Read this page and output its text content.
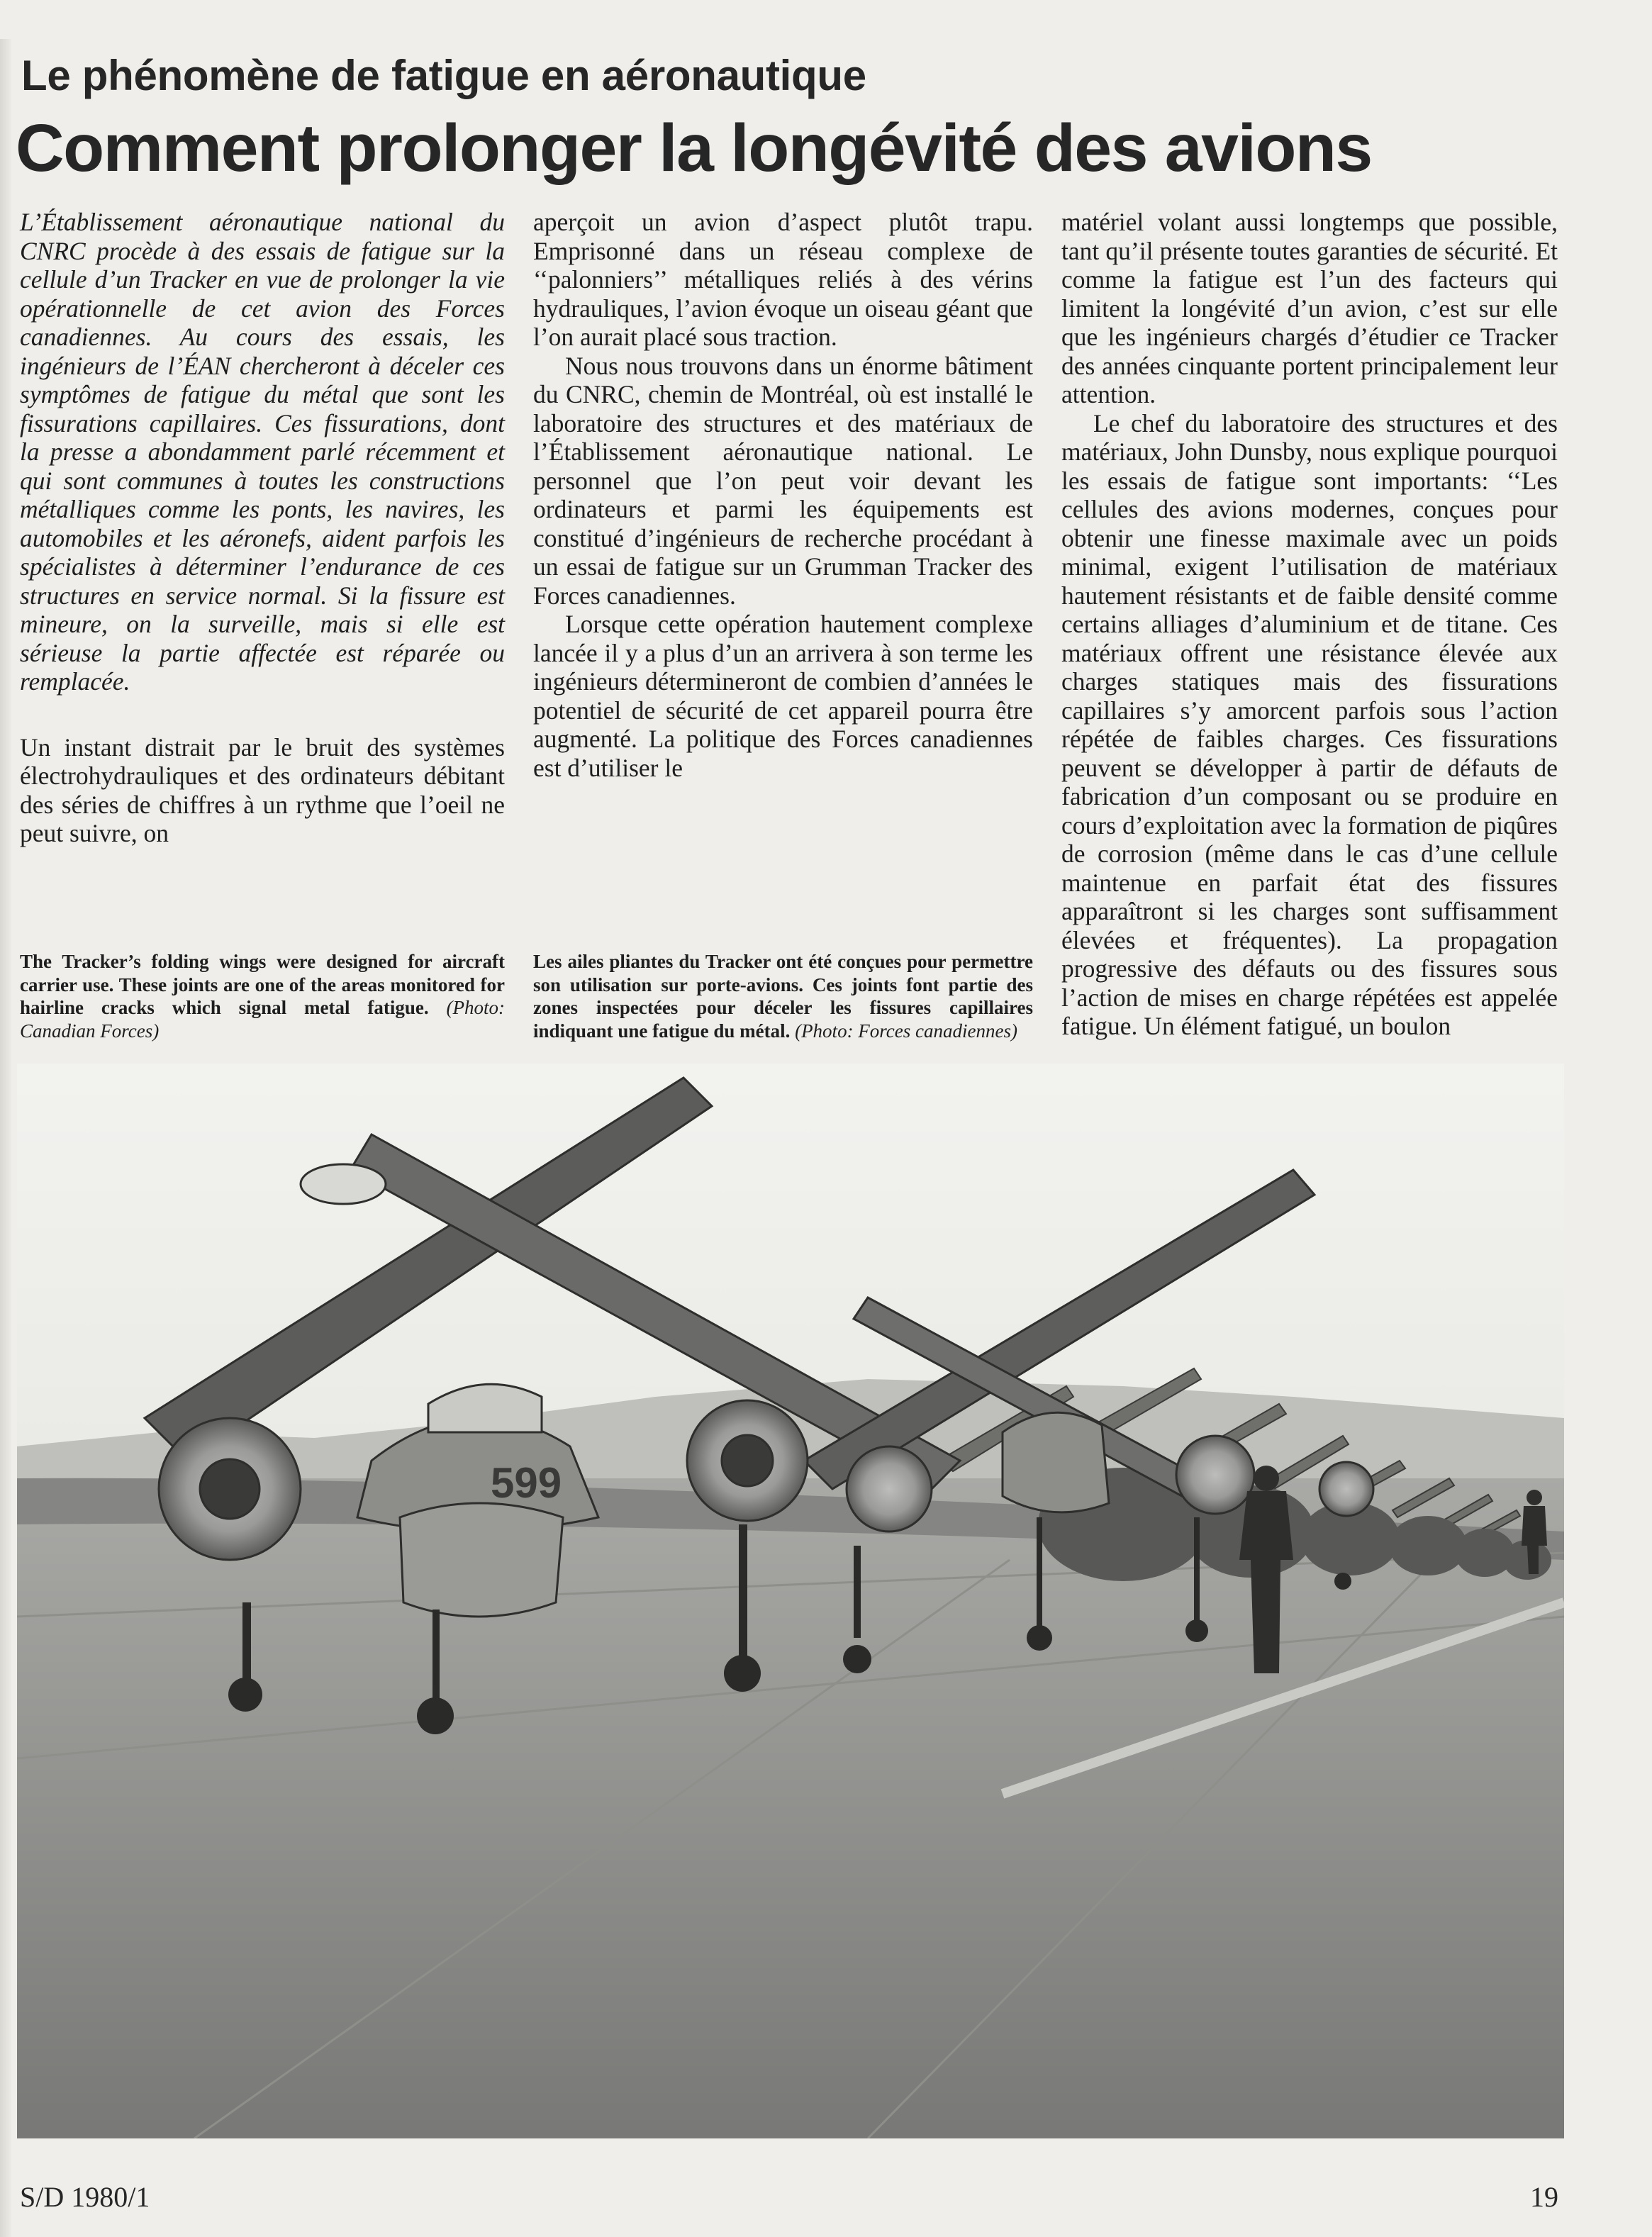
Le phénomène de fatigue en aéronautique
Comment prolonger la longévité des avions

L’Établissement aéronautique national du CNRC procède à des essais de fatigue sur la cellule d’un Tracker en vue de prolonger la vie opérationnelle de cet avion des Forces canadiennes. Au cours des essais, les ingénieurs de l’ÉAN chercheront à déceler ces symptômes de fatigue du métal que sont les fissurations capillaires. Ces fissurations, dont la presse a abondamment parlé récemment et qui sont communes à toutes les constructions métalliques comme les ponts, les navires, les automobiles et les aéronefs, aident parfois les spécialistes à déterminer l’endurance de ces structures en service normal. Si la fissure est mineure, on la surveille, mais si elle est sérieuse la partie affectée est réparée ou remplacée.

Un instant distrait par le bruit des systèmes électrohydrauliques et des ordinateurs débitant des séries de chiffres à un rythme que l’oeil ne peut suivre, on

aperçoit un avion d’aspect plutôt trapu. Emprisonné dans un réseau complexe de ‘‘palonniers’’ métalliques reliés à des vérins hydrauliques, l’avion évoque un oiseau géant que l’on aurait placé sous traction.

Nous nous trouvons dans un énorme bâtiment du CNRC, chemin de Montréal, où est installé le laboratoire des structures et des matériaux de l’Établissement aéronautique national. Le personnel que l’on peut voir devant les ordinateurs et parmi les équipements est constitué d’ingénieurs de recherche procédant à un essai de fatigue sur un Grumman Tracker des Forces canadiennes.

Lorsque cette opération hautement complexe lancée il y a plus d’un an arrivera à son terme les ingénieurs détermineront de combien d’années le potentiel de sécurité de cet appareil pourra être augmenté. La politique des Forces canadiennes est d’utiliser le

matériel volant aussi longtemps que possible, tant qu’il présente toutes garanties de sécurité. Et comme la fatigue est l’un des facteurs qui limitent la longévité d’un avion, c’est sur elle que les ingénieurs chargés d’étudier ce Tracker des années cinquante portent principalement leur attention.

Le chef du laboratoire des structures et des matériaux, John Dunsby, nous explique pourquoi les essais de fatigue sont importants: ‘‘Les cellules des avions modernes, conçues pour obtenir une finesse maximale avec un poids minimal, exigent l’utilisation de matériaux hautement résistants et de faible densité comme certains alliages d’aluminium et de titane. Ces matériaux offrent une résistance élevée aux charges statiques mais des fissurations capillaires s’y amorcent parfois sous l’action répétée de faibles charges. Ces fissurations peuvent se développer à partir de défauts de fabrication d’un composant ou se produire en cours d’exploitation avec la formation de piqûres de corrosion (même dans le cas d’une cellule maintenue en parfait état des fissures apparaîtront si les charges sont suffisamment élevées et fréquentes). La propagation progressive des défauts ou des fissures sous l’action de mises en charge répétées est appelée fatigue. Un élément fatigué, un boulon

The Tracker’s folding wings were designed for aircraft carrier use. These joints are one of the areas monitored for hairline cracks which signal metal fatigue. (Photo: Canadian Forces)
Les ailes pliantes du Tracker ont été conçues pour permettre son utilisation sur porte-avions. Ces joints font partie des zones inspectées pour déceler les fissures capillaires indiquant une fatigue du métal. (Photo: Forces canadiennes)
599
S/D 1980/1	19
